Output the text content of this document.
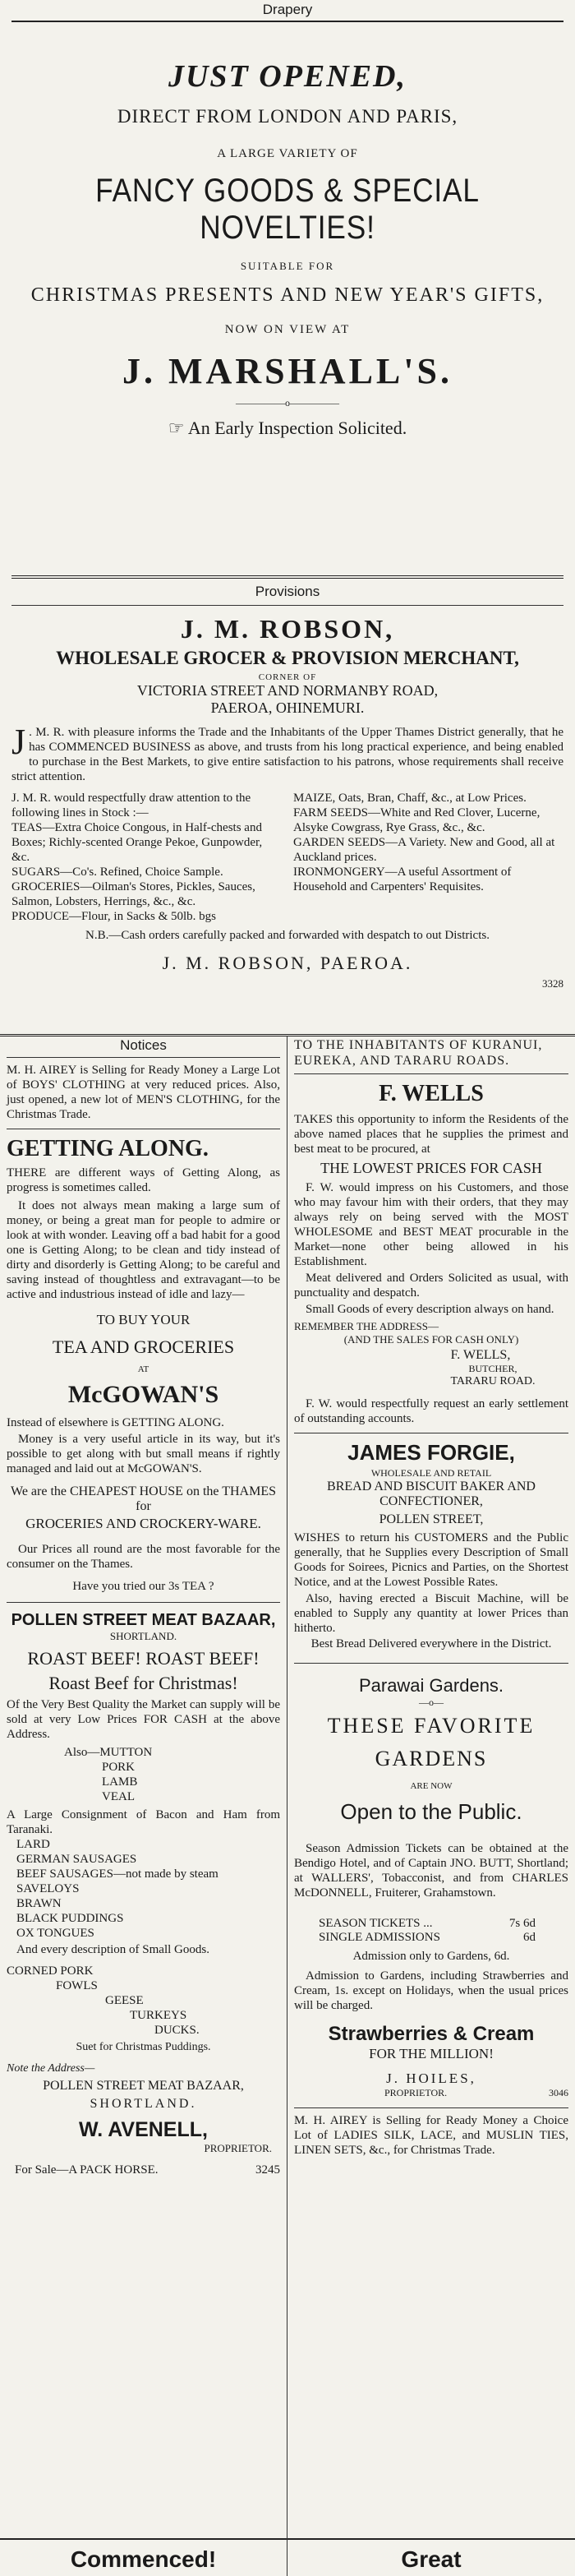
Drapery
JUST OPENED,
DIRECT FROM LONDON AND PARIS,
A LARGE VARIETY OF
FANCY GOODS & SPECIAL NOVELTIES!
SUITABLE FOR
CHRISTMAS PRESENTS AND NEW YEAR'S GIFTS,
NOW ON VIEW AT
J. MARSHALL'S.
—————o—————
☞ An Early Inspection Solicited.
Provisions
J. M. ROBSON,
WHOLESALE GROCER & PROVISION MERCHANT,
CORNER OF
VICTORIA STREET AND NORMANBY ROAD,
PAEROA, OHINEMURI.
J . M. R. with pleasure informs the Trade and the Inhabitants of the Upper Thames District generally, that he has COMMENCED BUSINESS as above, and trusts from his long practical experience, and being enabled to purchase in the Best Markets, to give entire satisfaction to his patrons, whose requirements shall receive strict attention.
J. M. R. would respectfully draw attention to the following lines in Stock :—
TEAS—Extra Choice Congous, in Half-chests and Boxes; Richly-scented Orange Pekoe, Gunpowder, &c.
SUGARS—Co's. Refined, Choice Sample.
GROCERIES—Oilman's Stores, Pickles, Sauces, Salmon, Lobsters, Herrings, &c., &c.
PRODUCE—Flour, in Sacks & 50lb. bgs
MAIZE, Oats, Bran, Chaff, &c., at Low Prices.
FARM SEEDS—White and Red Clover, Lucerne, Alsyke Cowgrass, Rye Grass, &c., &c.
GARDEN SEEDS—A Variety. New and Good, all at Auckland prices.
IRONMONGERY—A useful Assortment of Household and Carpenters' Requisites.
N.B.—Cash orders carefully packed and forwarded with despatch to out Districts.
J. M. ROBSON, PAEROA.
3328
Notices
M. H. AIREY is Selling for Ready Money a Large Lot of BOYS' CLOTHING at very reduced prices. Also, just opened, a new lot of MEN'S CLOTHING, for the Christmas Trade.
GETTING ALONG.
THERE are different ways of Getting Along, as progress is sometimes called.
It does not always mean making a large sum of money, or being a great man for people to admire or look at with wonder. Leaving off a bad habit for a good one is Getting Along; to be clean and tidy instead of dirty and disorderly is Getting Along; to be careful and saving instead of thoughtless and extravagant—to be active and industrious instead of idle and lazy—
TO BUY YOUR
TEA AND GROCERIES
AT
McGOWAN'S
Instead of elsewhere is GETTING ALONG.
Money is a very useful article in its way, but it's possible to get along with but small means if rightly managed and laid out at McGOWAN'S.
We are the CHEAPEST HOUSE on the THAMES for
GROCERIES AND CROCKERY-WARE.
Our Prices all round are the most favorable for the consumer on the Thames.
Have you tried our 3s TEA ?
POLLEN STREET MEAT BAZAAR,
SHORTLAND.
ROAST BEEF! ROAST BEEF!
Roast Beef for Christmas!
Of the Very Best Quality the Market can supply will be sold at very Low Prices FOR CASH at the above Address.
Also—MUTTON
PORK
LAMB
VEAL
A Large Consignment of Bacon and Ham from Taranaki.
LARD
GERMAN SAUSAGES
BEEF SAUSAGES—not made by steam
SAVELOYS
BRAWN
BLACK PUDDINGS
OX TONGUES
And every description of Small Goods.
CORNED PORK
FOWLS
GEESE
TURKEYS
DUCKS.
Suet for Christmas Puddings.
Note the Address—
POLLEN STREET MEAT BAZAAR,
SHORTLAND.
W. AVENELL,
PROPRIETOR.
For Sale—A PACK HORSE.	3245
Commenced!
TO THE INHABITANTS OF KURANUI, EUREKA, AND TARARU ROADS.
F. WELLS
TAKES this opportunity to inform the Residents of the above named places that he supplies the primest and best meat to be procured, at
THE LOWEST PRICES FOR CASH
F. W. would impress on his Customers, and those who may favour him with their orders, that they may always rely on being served with the MOST WHOLESOME and BEST MEAT procurable in the Market—none other being allowed in his Establishment.
Meat delivered and Orders Solicited as usual, with punctuality and despatch.
Small Goods of every description always on hand.
REMEMBER THE ADDRESS—
(AND THE SALES FOR CASH ONLY)
F. WELLS,
BUTCHER,
TARARU ROAD.
F. W. would respectfully request an early settlement of outstanding accounts.
JAMES FORGIE,
WHOLESALE AND RETAIL
BREAD AND BISCUIT BAKER AND CONFECTIONER,
POLLEN STREET,
WISHES to return his CUSTOMERS and the Public generally, that he Supplies every Description of Small Goods for Soirees, Picnics and Parties, on the Shortest Notice, and at the Lowest Possible Rates.
Also, having erected a Biscuit Machine, will be enabled to Supply any quantity at lower Prices than hitherto.
Best Bread Delivered everywhere in the District.
Parawai Gardens.
—o—
THESE FAVORITE
GARDENS
ARE NOW
Open to the Public.
Season Admission Tickets can be obtained at the Bendigo Hotel, and of Captain JNO. BUTT, Shortland; at WALLERS', Tobacconist, and from CHARLES McDONNELL, Fruiterer, Grahamstown.
SEASON TICKETS ...	7s 6d
SINGLE ADMISSIONS	6d
Admission only to Gardens, 6d.
Admission to Gardens, including Strawberries and Cream, 1s. except on Holidays, when the usual prices will be charged.
Strawberries & Cream
FOR THE MILLION!
J. HOILES,
PROPRIETOR.	3046
M. H. AIREY is Selling for Ready Money a Choice Lot of LADIES SILK, LACE, and MUSLIN TIES, LINEN SETS, &c., for Christmas Trade.
Great
